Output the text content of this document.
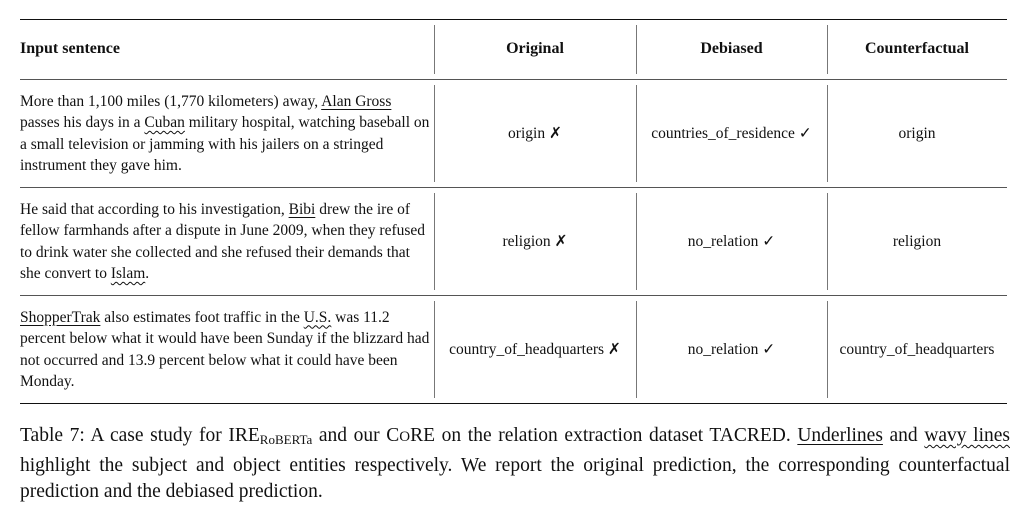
Input sentence	Original	Debiased	Counterfactual
More than 1,100 miles (1,770 kilometers) away, Alan Gross passes his days in a Cuban military hospital, watching baseball on a small television or jamming with his jailers on a stringed instrument they gave him.	origin ✗	countries_of_residence ✓	origin
He said that according to his investigation, Bibi drew the ire of fellow farmhands after a dispute in June 2009, when they refused to drink water she collected and she refused their demands that she convert to Islam.	religion ✗	no_relation ✓	religion
ShopperTrak also estimates foot traffic in the U.S. was 11.2 percent below what it would have been Sunday if the blizzard had not occurred and 13.9 percent below what it could have been Monday.	country_of_headquarters ✗	no_relation ✓	country_of_headquarters
Table 7: A case study for $IRE_{RoBERTa}$ and our CORE on the relation extraction dataset TACRED. Underlines and wavy lines highlight the subject and object entities respectively. We report the original prediction, the corresponding counterfactual prediction and the debiased prediction.
